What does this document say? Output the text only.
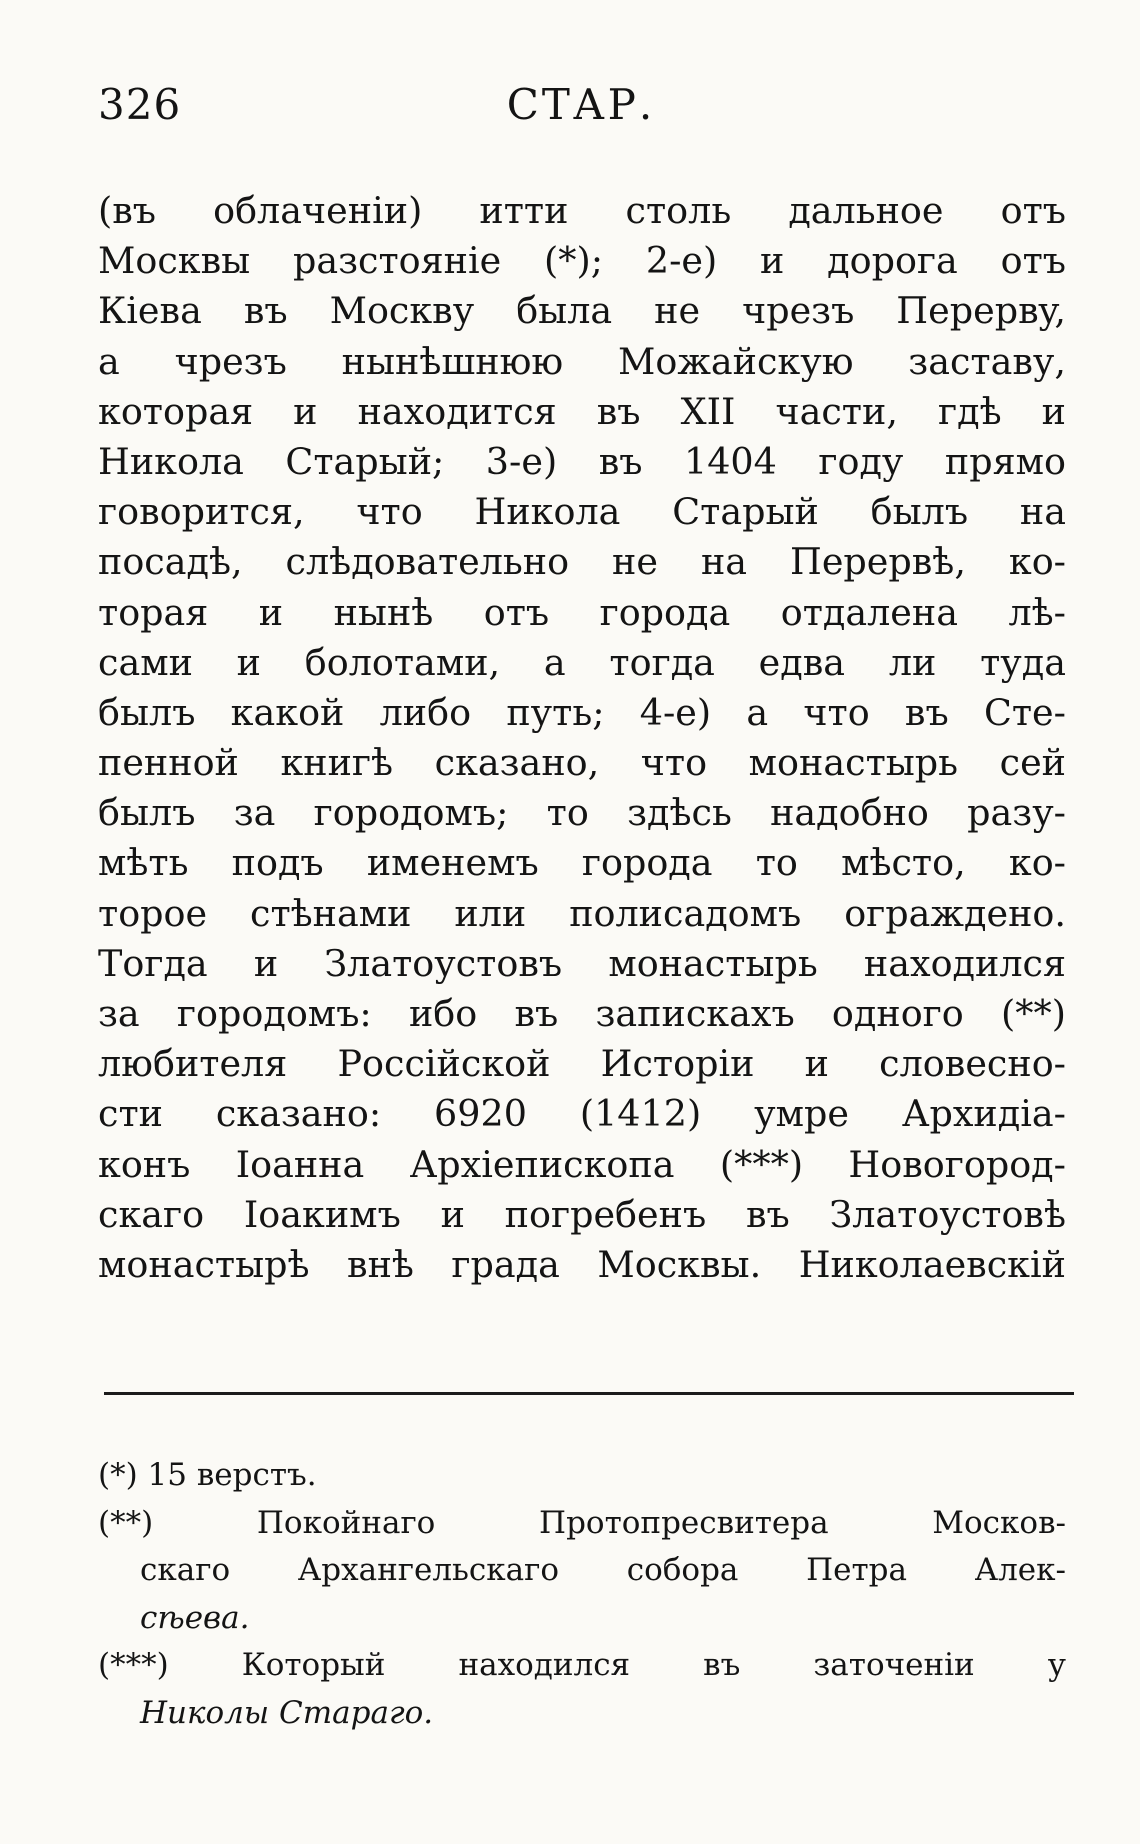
326	СТАР.
(въ облаченіи) итти столь дальное отъ
Москвы разстояніе (*); 2-е) и дорога отъ
Кіева въ Москву была не чрезъ Перервy,
а чрезъ нынѣшнюю Можайскую заставу,
которая и находится въ XII части, гдѣ и
Никола Старый; 3-е) въ 1404 году прямо
говорится, что Никола Старый былъ на
посадѣ, слѣдовательно не на Перервѣ, ко-
торая и нынѣ отъ города отдалена лѣ-
сами и болотами, а тогда едва ли туда
былъ какой либо путь; 4-е) а что въ Сте-
пенной книгѣ сказано, что монастырь сей
былъ за городомъ; то здѣсь надобно разу-
мѣть подъ именемъ города то мѣсто, ко-
торое стѣнами или полисадомъ ограждено.
Тогда и Златоустовъ монастырь находился
за городомъ: ибо въ запискахъ одного (**)
любителя Россійской Исторіи и словесно-
сти сказано: 6920 (1412) умре Архидіа-
конъ Іоанна Архіепископа (***) Новогород-
скаго Іоакимъ и погребенъ въ Златоустовѣ
монастырѣ внѣ града Москвы. Николаевскій
(*) 15 верстъ.
(**) Покойнаго Протопресвитера Москов-
скаго Архангельскаго собора Петра Алек-
сѣева.
(***) Который находился въ заточеніи у
Николы Стараго.
